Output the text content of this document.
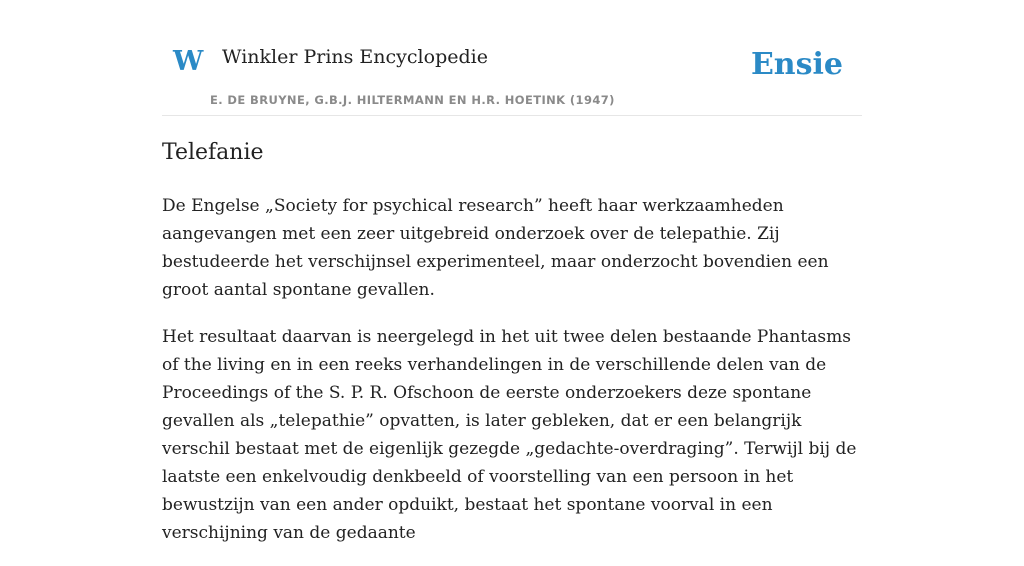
W Winkler Prins Encyclopedie
E. DE BRUYNE, G.B.J. HILTERMANN EN H.R. HOETINK (1947)
Ensie
Telefanie

De Engelse „Society for psychical research” heeft haar werkzaamheden aangevangen met een zeer uitgebreid onderzoek over de telepathie. Zij bestudeerde het verschijnsel experimenteel, maar onderzocht bovendien een groot aantal spontane gevallen.

Het resultaat daarvan is neergelegd in het uit twee delen bestaande Phantasms of the living en in een reeks verhandelingen in de verschillende delen van de Proceedings of the S. P. R. Ofschoon de eerste onderzoekers deze spontane gevallen als „telepathie” opvatten, is later gebleken, dat er een belangrijk verschil bestaat met de eigenlijk gezegde „gedachte-overdraging”. Terwijl bij de laatste een enkelvoudig denkbeeld of voorstelling van een persoon in het bewustzijn van een ander opduikt, bestaat het spontane voorval in een verschijning van de gedaante
